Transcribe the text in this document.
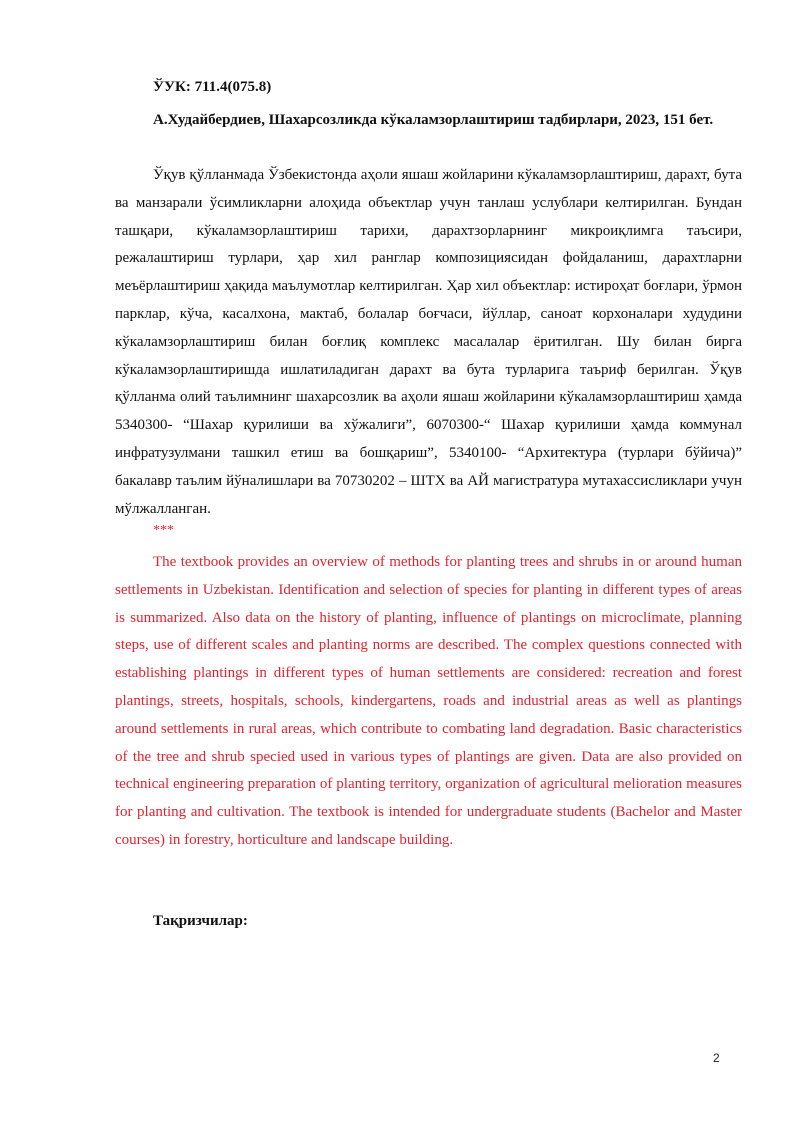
ЎУК: 711.4(075.8)
А.Худайбердиев, Шахарсозликда кўкаламзорлаштириш тадбирлари, 2023, 151 бет.

Ўқув қўлланмада Ўзбекистонда аҳоли яшаш жойларини кўкаламзорлаштириш, дарахт, бута ва манзарали ўсимликларни алоҳида объектлар учун танлаш услублари келтирилган. Бундан ташқари, кўкаламзорлаштириш тарихи, дарахтзорларнинг микроиқлимга таъсири, режалаштириш турлари, ҳар хил ранглар композициясидан фойдаланиш, дарахтларни меъёрлаштириш ҳақида маълумотлар келтирилган. Ҳар хил объектлар: истироҳат боғлари, ўрмон парклар, кўча, касалхона, мактаб, болалар боғчаси, йўллар, саноат корхоналари худудини кўкаламзорлаштириш билан боғлиқ комплекс масалалар ёритилган. Шу билан бирга кўкаламзорлаштиришда ишлатиладиган дарахт ва бута турларига таъриф берилган. Ўқув қўлланма олий таълимнинг шахарсозлик ва аҳоли яшаш жойларини кўкаламзорлаштириш ҳамда 5340300- “Шахар қурилиши ва хўжалиги”, 6070300-“ Шахар қурилиши ҳамда коммунал инфратузулмани ташкил етиш ва бошқариш”, 5340100- “Архитектура (турлари бўйича)” бакалавр таълим йўналишлари ва 70730202 – ШТХ ва АЙ магистратура мутахассисликлари учун мўлжалланган.

***

The textbook provides an overview of methods for planting trees and shrubs in or around human settlements in Uzbekistan. Identification and selection of species for planting in different types of areas is summarized. Also data on the history of planting, influence of plantings on microclimate, planning steps, use of different scales and planting norms are described. The complex questions connected with establishing plantings in different types of human settlements are considered: recreation and forest plantings, streets, hospitals, schools, kindergartens, roads and industrial areas as well as plantings around settlements in rural areas, which contribute to combating land degradation. Basic characteristics of the tree and shrub specied used in various types of plantings are given. Data are also provided on technical engineering preparation of planting territory, organization of agricultural melioration measures for planting and cultivation. The textbook is intended for undergraduate students (Bachelor and Master courses) in forestry, horticulture and landscape building.

Тақризчилар:
2
